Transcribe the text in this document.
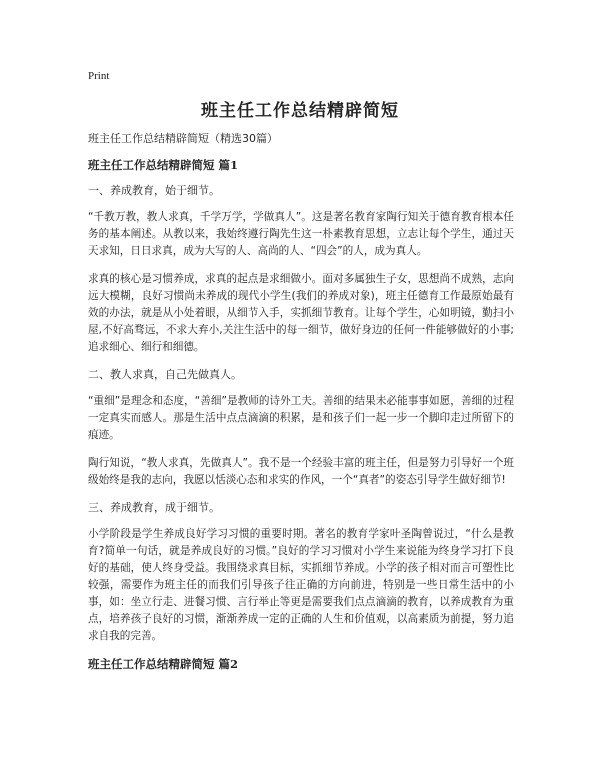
Print
班主任工作总结精辟简短
班主任工作总结精辟简短（精选30篇）
班主任工作总结精辟简短 篇1
一、养成教育，始于细节。
“千教万教，教人求真，千学万学，学做真人”。这是著名教育家陶行知关于德育教育根本任务的基本阐述。从教以来，我始终遵行陶先生这一朴素教育思想，立志让每个学生，通过天天求知，日日求真，成为大写的人、高尚的人、“四会”的人，成为真人。
求真的核心是习惯养成，求真的起点是求细做小。面对多属独生子女，思想尚不成熟，志向远大模糊，良好习惯尚未养成的现代小学生(我们的养成对象)，班主任德育工作最原始最有效的办法，就是从小处着眼，从细节入手，实抓细节教育。让每个学生，心如明镜，勤扫小屋,不好高骛远，不求大弃小,关注生活中的每一细节，做好身边的任何一件能够做好的小事;追求细心、细行和细德。
二、教人求真，自己先做真人。
“重细”是理念和态度，“善细”是教师的诗外工夫。善细的结果未必能事事如愿，善细的过程一定真实而感人。那是生活中点点滴滴的积累，是和孩子们一起一步一个脚印走过所留下的痕迹。
陶行知说，“教人求真，先做真人”。我不是一个经验丰富的班主任，但是努力引导好一个班级始终是我的志向，我愿以恬淡心态和求实的作风，一个“真者”的姿态引导学生做好细节!
三、养成教育，成于细节。
小学阶段是学生养成良好学习习惯的重要时期。著名的教育学家叶圣陶曾说过，“什么是教育?简单一句话，就是养成良好的习惯。”良好的学习习惯对小学生来说能为终身学习打下良好的基础，使人终身受益。我围绕求真目标，实抓细节养成。小学的孩子相对而言可塑性比较强，需要作为班主任的而我们引导孩子往正确的方向前进，特别是一些日常生活中的小事，如：坐立行走、进餐习惯、言行举止等更是需要我们点点滴滴的教育，以养成教育为重点，培养孩子良好的习惯，渐渐养成一定的正确的人生和价值观，以高素质为前提，努力追求自我的完善。
班主任工作总结精辟简短 篇2
